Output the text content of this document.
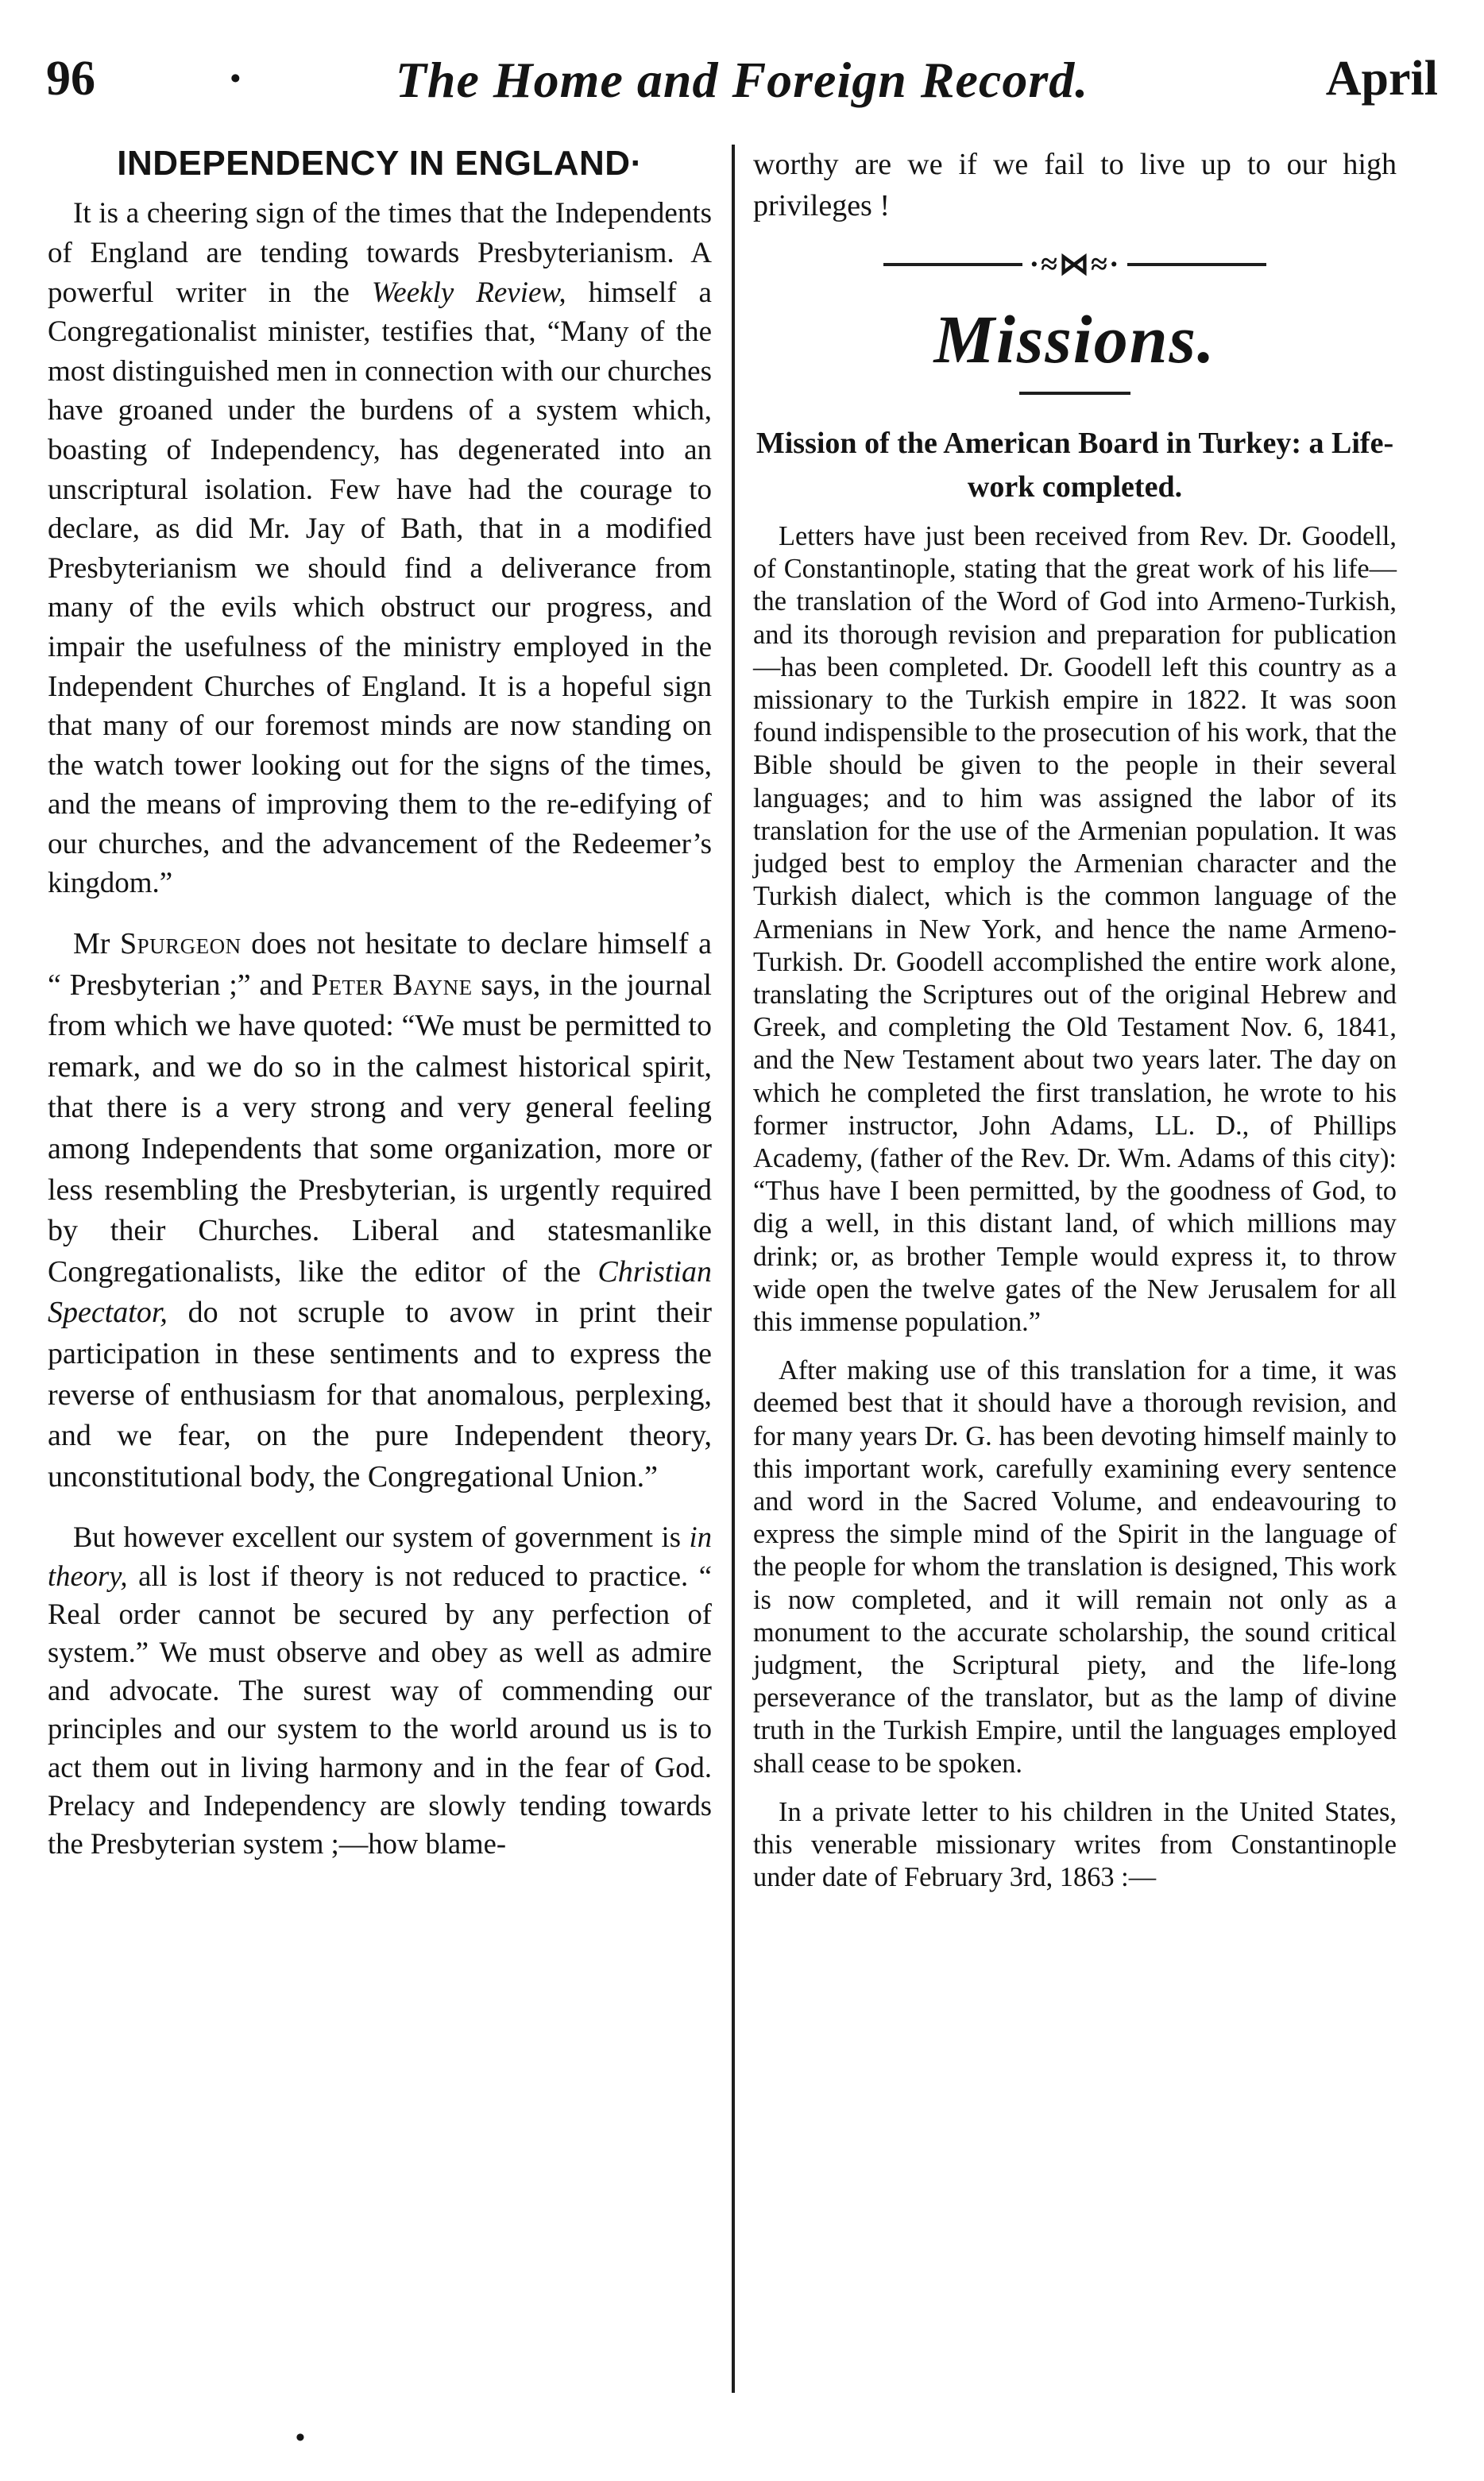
96	·	The Home and Foreign Record.	April
INDEPENDENCY IN ENGLAND·

It is a cheering sign of the times that the Independents of England are tending towards Presbyterianism. A powerful writer in the Weekly Review, himself a Congregationalist minister, testifies that, “Many of the most distinguished men in connection with our churches have groaned under the burdens of a system which, boasting of Independency, has degenerated into an unscriptural isolation. Few have had the courage to declare, as did Mr. Jay of Bath, that in a modified Presbyterianism we should find a deliverance from many of the evils which obstruct our progress, and impair the usefulness of the ministry employed in the Independent Churches of England. It is a hopeful sign that many of our foremost minds are now standing on the watch tower looking out for the signs of the times, and the means of improving them to the re-edifying of our churches, and the advancement of the Redeemer’s kingdom.”

Mr Spurgeon does not hesitate to declare himself a “ Presbyterian ;” and Peter Bayne says, in the journal from which we have quoted: “We must be permitted to remark, and we do so in the calmest historical spirit, that there is a very strong and very general feeling among Independents that some organization, more or less resembling the Presbyterian, is urgently required by their Churches. Liberal and statesmanlike Congregationalists, like the editor of the Christian Spectator, do not scruple to avow in print their participation in these sentiments and to express the reverse of enthusiasm for that anomalous, perplexing, and we fear, on the pure Independent theory, unconstitutional body, the Congregational Union.”

But however excellent our system of government is in theory, all is lost if theory is not reduced to practice. “ Real order cannot be secured by any perfection of system.” We must observe and obey as well as admire and advocate. The surest way of commending our principles and our system to the world around us is to act them out in living harmony and in the fear of God. Prelacy and Independency are slowly tending towards the Presbyterian system ;—how blame-

worthy are we if we fail to live up to our high privileges !

·≈⋈≈·
Missions.
Mission of the American Board in Turkey: a Life-work completed.

Letters have just been received from Rev. Dr. Goodell, of Constantinople, stating that the great work of his life—the translation of the Word of God into Armeno-Turkish, and its thorough revision and preparation for publication—has been completed. Dr. Goodell left this country as a missionary to the Turkish empire in 1822. It was soon found indispensible to the prosecution of his work, that the Bible should be given to the people in their several languages; and to him was assigned the labor of its translation for the use of the Armenian population. It was judged best to employ the Armenian character and the Turkish dialect, which is the common language of the Armenians in New York, and hence the name Armeno-Turkish. Dr. Goodell accomplished the entire work alone, translating the Scriptures out of the original Hebrew and Greek, and completing the Old Testament Nov. 6, 1841, and the New Testament about two years later. The day on which he completed the first translation, he wrote to his former instructor, John Adams, LL. D., of Phillips Academy, (father of the Rev. Dr. Wm. Adams of this city): “Thus have I been permitted, by the goodness of God, to dig a well, in this distant land, of which millions may drink; or, as brother Temple would express it, to throw wide open the twelve gates of the New Jerusalem for all this immense population.”

After making use of this translation for a time, it was deemed best that it should have a thorough revision, and for many years Dr. G. has been devoting himself mainly to this important work, carefully examining every sentence and word in the Sacred Volume, and endeavouring to express the simple mind of the Spirit in the language of the people for whom the translation is designed, This work is now completed, and it will remain not only as a monument to the accurate scholarship, the sound critical judgment, the Scriptural piety, and the life-long perseverance of the translator, but as the lamp of divine truth in the Turkish Empire, until the languages employed shall cease to be spoken.

In a private letter to his children in the United States, this venerable missionary writes from Constantinople under date of February 3rd, 1863 :—

•
